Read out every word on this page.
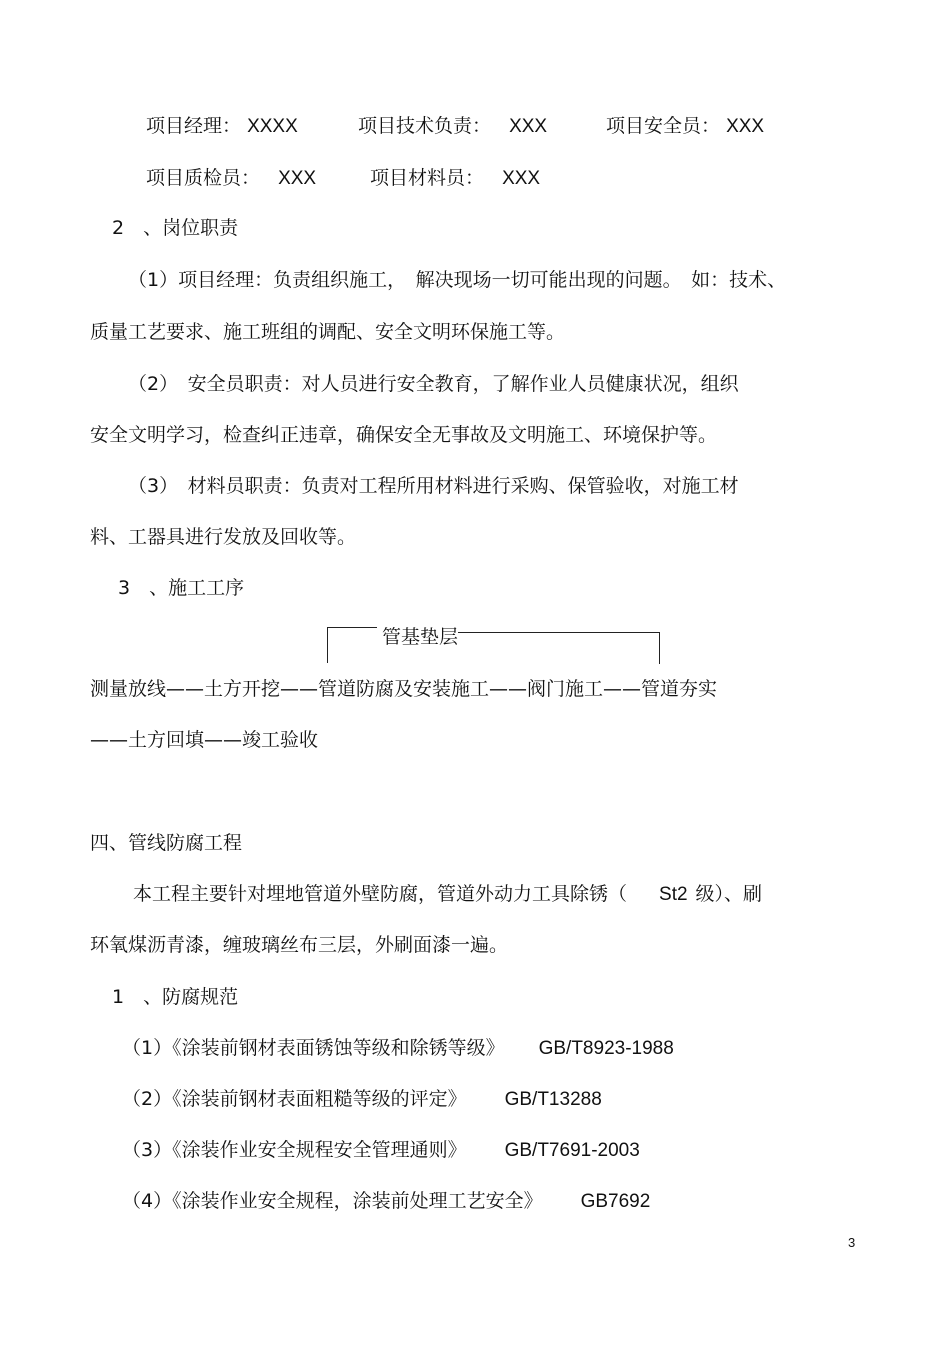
项目经理： XXXX	项目技术负责： XXX	项目安全员： XXX
项目质检员： XXX	项目材料员： XXX
2　、岗位职责
（1）项目经理：负责组织施工，　解决现场一切可能出现的问题。　如：技术、
质量工艺要求、施工班组的调配、安全文明环保施工等。
（2）　安全员职责：对人员进行安全教育，了解作业人员健康状况，组织
安全文明学习，检查纠正违章，确保安全无事故及文明施工、环境保护等。
（3）　材料员职责：负责对工程所用材料进行采购、保管验收，对施工材
料、工器具进行发放及回收等。
3　、施工工序
管基垫层
测量放线——土方开挖——管道防腐及安装施工——阀门施工——管道夯实
——土方回填——竣工验收
四、管线防腐工程
本工程主要针对埋地管道外壁防腐，管道外动力工具除锈（ St2 级）、刷
环氧煤沥青漆，缠玻璃丝布三层，外刷面漆一遍。
1　、防腐规范
（1）《涂装前钢材表面锈蚀等级和除锈等级》 GB/T8923-1988
（2）《涂装前钢材表面粗糙等级的评定》 GB/T13288
（3）《涂装作业安全规程安全管理通则》 GB/T7691-2003
（4）《涂装作业安全规程，涂装前处理工艺安全》 GB7692
3
